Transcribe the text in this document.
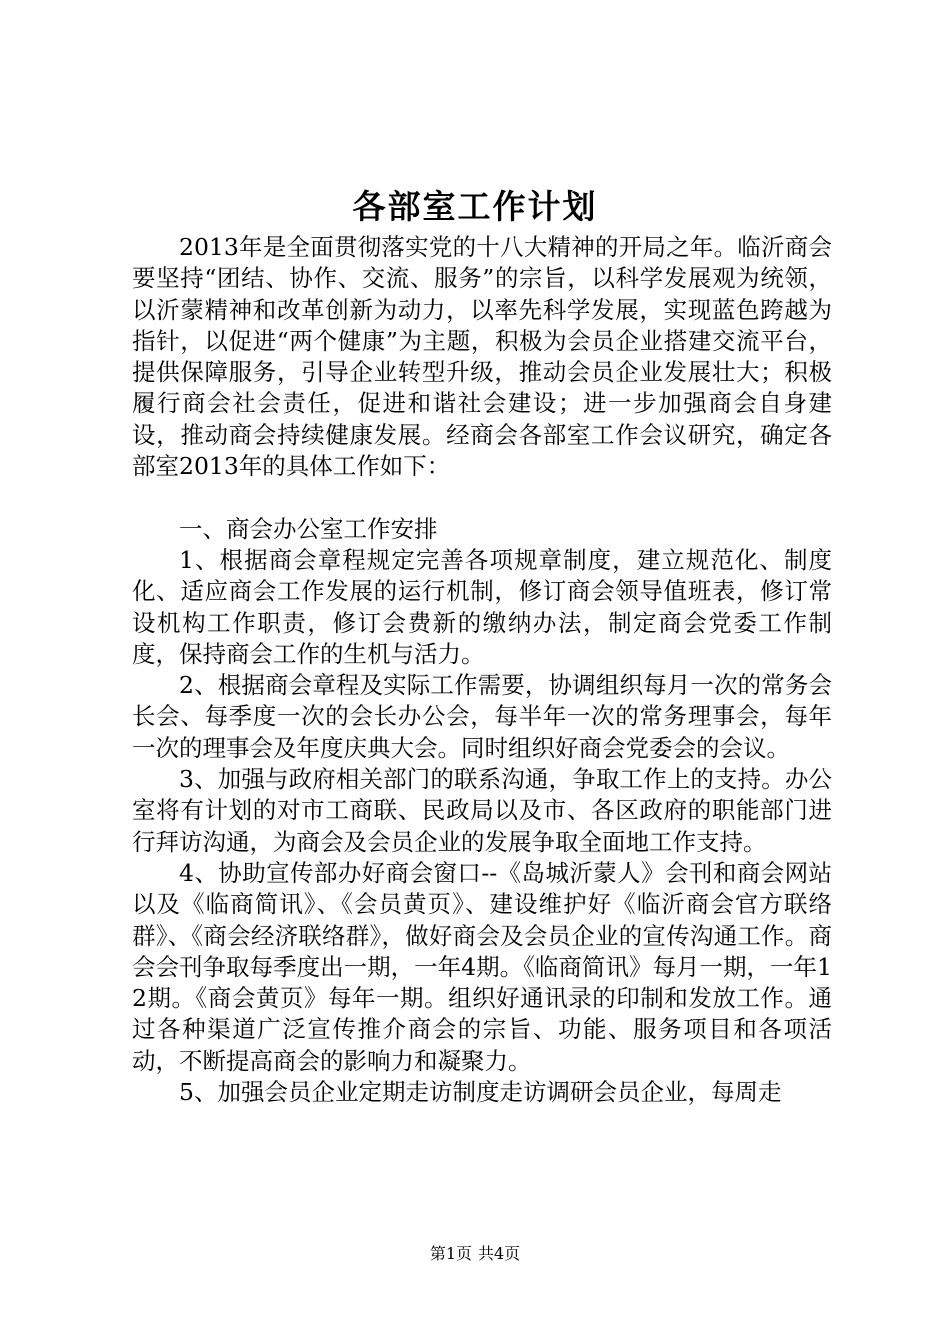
各部室工作计划

2013年是全面贯彻落实党的十八大精神的开局之年。临沂商会要坚持“团结、协作、交流、服务”的宗旨，以科学发展观为统领，以沂蒙精神和改革创新为动力，以率先科学发展，实现蓝色跨越为指针，以促进“两个健康”为主题，积极为会员企业搭建交流平台，提供保障服务，引导企业转型升级，推动会员企业发展壮大；积极履行商会社会责任，促进和谐社会建设；进一步加强商会自身建设，推动商会持续健康发展。经商会各部室工作会议研究，确定各部室2013年的具体工作如下：

一、商会办公室工作安排

1、根据商会章程规定完善各项规章制度，建立规范化、制度化、适应商会工作发展的运行机制，修订商会领导值班表，修订常设机构工作职责，修订会费新的缴纳办法，制定商会党委工作制度，保持商会工作的生机与活力。

2、根据商会章程及实际工作需要，协调组织每月一次的常务会长会、每季度一次的会长办公会，每半年一次的常务理事会，每年一次的理事会及年度庆典大会。同时组织好商会党委会的会议。

3、加强与政府相关部门的联系沟通，争取工作上的支持。办公室将有计划的对市工商联、民政局以及市、各区政府的职能部门进行拜访沟通，为商会及会员企业的发展争取全面地工作支持。

4、协助宣传部办好商会窗口--《岛城沂蒙人》会刊和商会网站以及《临商简讯》、《会员黄页》、建设维护好《临沂商会官方联络群》、《商会经济联络群》，做好商会及会员企业的宣传沟通工作。商会会刊争取每季度出一期，一年4期。《临商简讯》每月一期，一年12期。《商会黄页》每年一期。组织好通讯录的印制和发放工作。通过各种渠道广泛宣传推介商会的宗旨、功能、服务项目和各项活动，不断提高商会的影响力和凝聚力。

5、加强会员企业定期走访制度走访调研会员企业，每周走

第1页 共4页
